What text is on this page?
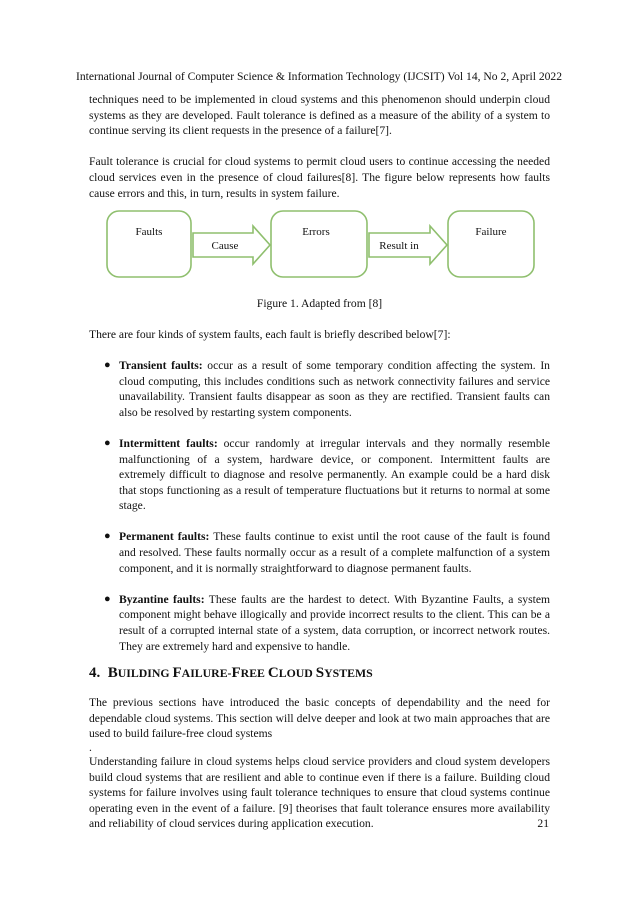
International Journal of Computer Science & Information Technology (IJCSIT) Vol 14, No 2, April 2022

techniques need to be implemented in cloud systems and this phenomenon should underpin cloud systems as they are developed. Fault tolerance is defined as a measure of the ability of a system to continue serving its client requests in the presence of a failure[7].

Fault tolerance is crucial for cloud systems to permit cloud users to continue accessing the needed cloud services even in the presence of cloud failures[8]. The figure below represents how faults cause errors and this, in turn, results in system failure.

Faults
Cause
Errors
Result in
Failure
Figure 1. Adapted from [8]

There are four kinds of system faults, each fault is briefly described below[7]:

● Transient faults: occur as a result of some temporary condition affecting the system. In cloud computing, this includes conditions such as network connectivity failures and service unavailability. Transient faults disappear as soon as they are rectified. Transient faults can also be resolved by restarting system components.
● Intermittent faults: occur randomly at irregular intervals and they normally resemble malfunctioning of a system, hardware device, or component. Intermittent faults are extremely difficult to diagnose and resolve permanently. An example could be a hard disk that stops functioning as a result of temperature fluctuations but it returns to normal at some stage.
● Permanent faults: These faults continue to exist until the root cause of the fault is found and resolved. These faults normally occur as a result of a complete malfunction of a system component, and it is normally straightforward to diagnose permanent faults.
● Byzantine faults: These faults are the hardest to detect. With Byzantine Faults, a system component might behave illogically and provide incorrect results to the client. This can be a result of a corrupted internal state of a system, data corruption, or incorrect network routes. They are extremely hard and expensive to handle.
4. BUILDING FAILURE-FREE CLOUD SYSTEMS

The previous sections have introduced the basic concepts of dependability and the need for dependable cloud systems. This section will delve deeper and look at two main approaches that are used to build failure-free cloud systems

.

Understanding failure in cloud systems helps cloud service providers and cloud system developers build cloud systems that are resilient and able to continue even if there is a failure. Building cloud systems for failure involves using fault tolerance techniques to ensure that cloud systems continue operating even in the event of a failure. [9] theorises that fault tolerance ensures more availability and reliability of cloud services during application execution.	21
